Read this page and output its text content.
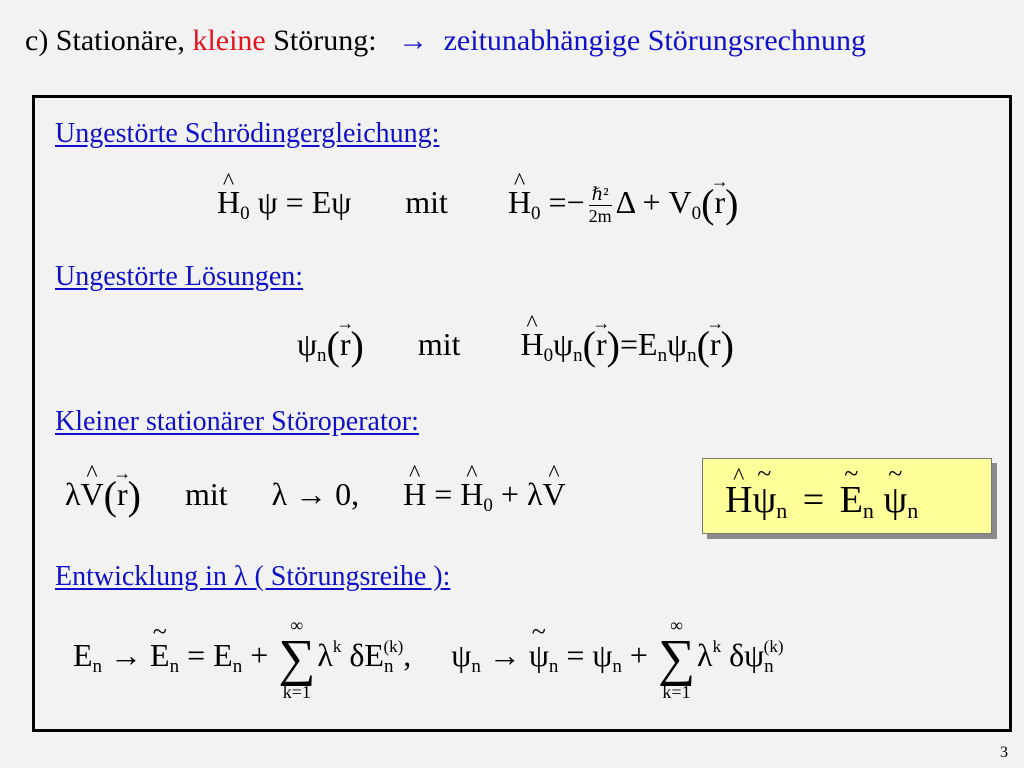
c) Stationäre, kleine Störung: → zeitunabhängige Störungsrechnung
Ungestörte Schrödingergleichung:
^ $H_0$ ψ = Eψ mit ^ $H_0 =- \frac{\text{ℏ²}}{2m}$ $\Delta + V_0(\to r)$
Ungestörte Lösungen:
$\psi_n(\to r)$ mit ^ $H_0\psi_n(\to r)=E_n\psi_n(\to r)$
Kleiner stationärer Störoperator:
λ^ V(→ r) mit λ → 0, ^ H = ^ $H_0$ + λ^ V	^ H~ $\psi_n$ = ~ $E_n$ ~ $\psi_n$
Entwicklung in λ ( Störungsreihe ):
$E_n$ → ~ $E_n = E_n$ +
∞
∑
k=1
$\lambda^k$ $\delta E_n^{(k)}$, $\psi_n$ → ~ $\psi_n = \psi_n$ +
∞
∑
k=1
$\lambda^k$ $\delta\psi_n^{(k)}$
3
